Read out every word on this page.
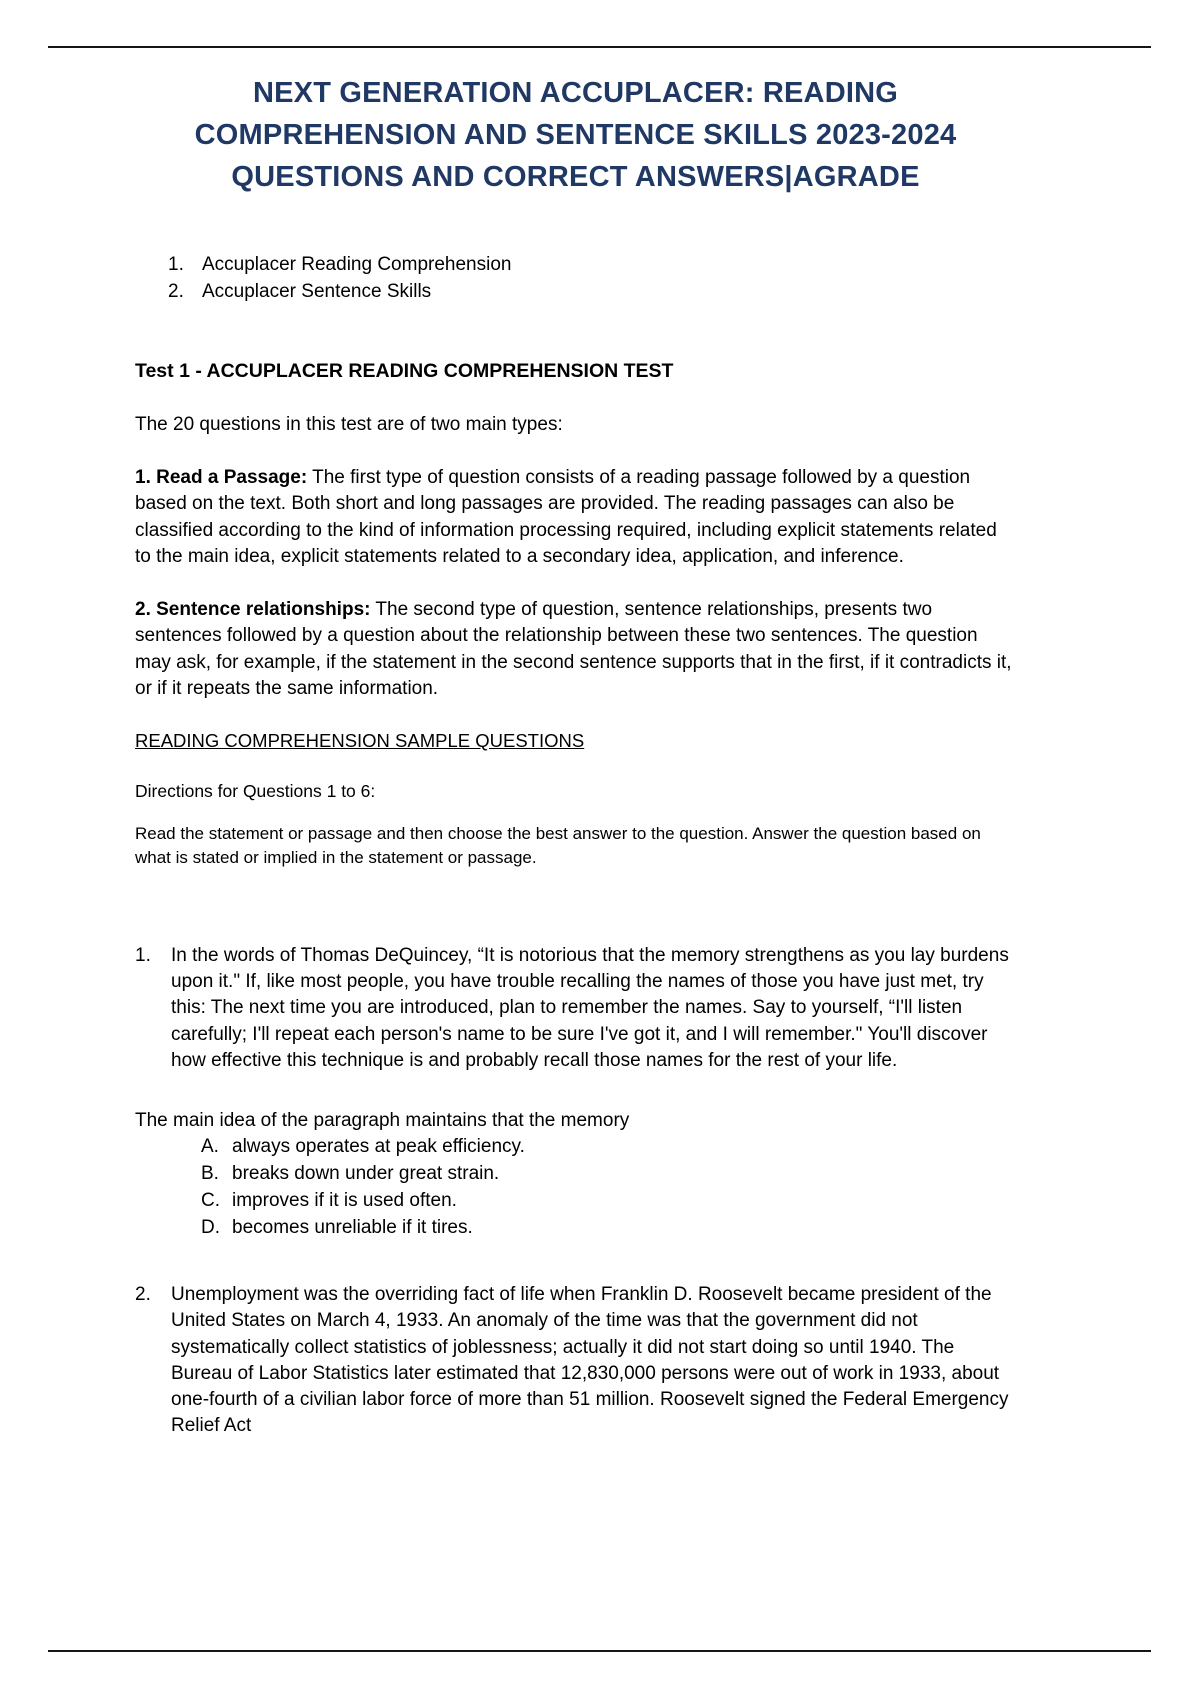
NEXT GENERATION ACCUPLACER: READING
COMPREHENSION AND SENTENCE SKILLS 2023-2024
QUESTIONS AND CORRECT ANSWERS|AGRADE
1. Accuplacer Reading Comprehension
2. Accuplacer Sentence Skills
Test 1 - ACCUPLACER READING COMPREHENSION TEST

The 20 questions in this test are of two main types:

1. Read a Passage: The first type of question consists of a reading passage followed by a question based on the text. Both short and long passages are provided. The reading passages can also be classified according to the kind of information processing required, including explicit statements related to the main idea, explicit statements related to a secondary idea, application, and inference.

2. Sentence relationships: The second type of question, sentence relationships, presents two sentences followed by a question about the relationship between these two sentences. The question may ask, for example, if the statement in the second sentence supports that in the first, if it contradicts it, or if it repeats the same information.

READING COMPREHENSION SAMPLE QUESTIONS

Directions for Questions 1 to 6:

Read the statement or passage and then choose the best answer to the question. Answer the question based on what is stated or implied in the statement or passage.

1.	In the words of Thomas DeQuincey, “It is notorious that the memory strengthens as you lay burdens upon it." If, like most people, you have trouble recalling the names of those you have just met, try this: The next time you are introduced, plan to remember the names. Say to yourself, “I'll listen carefully; I'll repeat each person's name to be sure I've got it, and I will remember." You'll discover how effective this technique is and probably recall those names for the rest of your life.

The main idea of the paragraph maintains that the memory

A. always operates at peak efficiency.
B. breaks down under great strain.
C. improves if it is used often.
D. becomes unreliable if it tires.
2.	Unemployment was the overriding fact of life when Franklin D. Roosevelt became president of the United States on March 4, 1933. An anomaly of the time was that the government did not systematically collect statistics of joblessness; actually it did not start doing so until 1940. The Bureau of Labor Statistics later estimated that 12,830,000 persons were out of work in 1933, about one-fourth of a civilian labor force of more than 51 million. Roosevelt signed the Federal Emergency Relief Act
